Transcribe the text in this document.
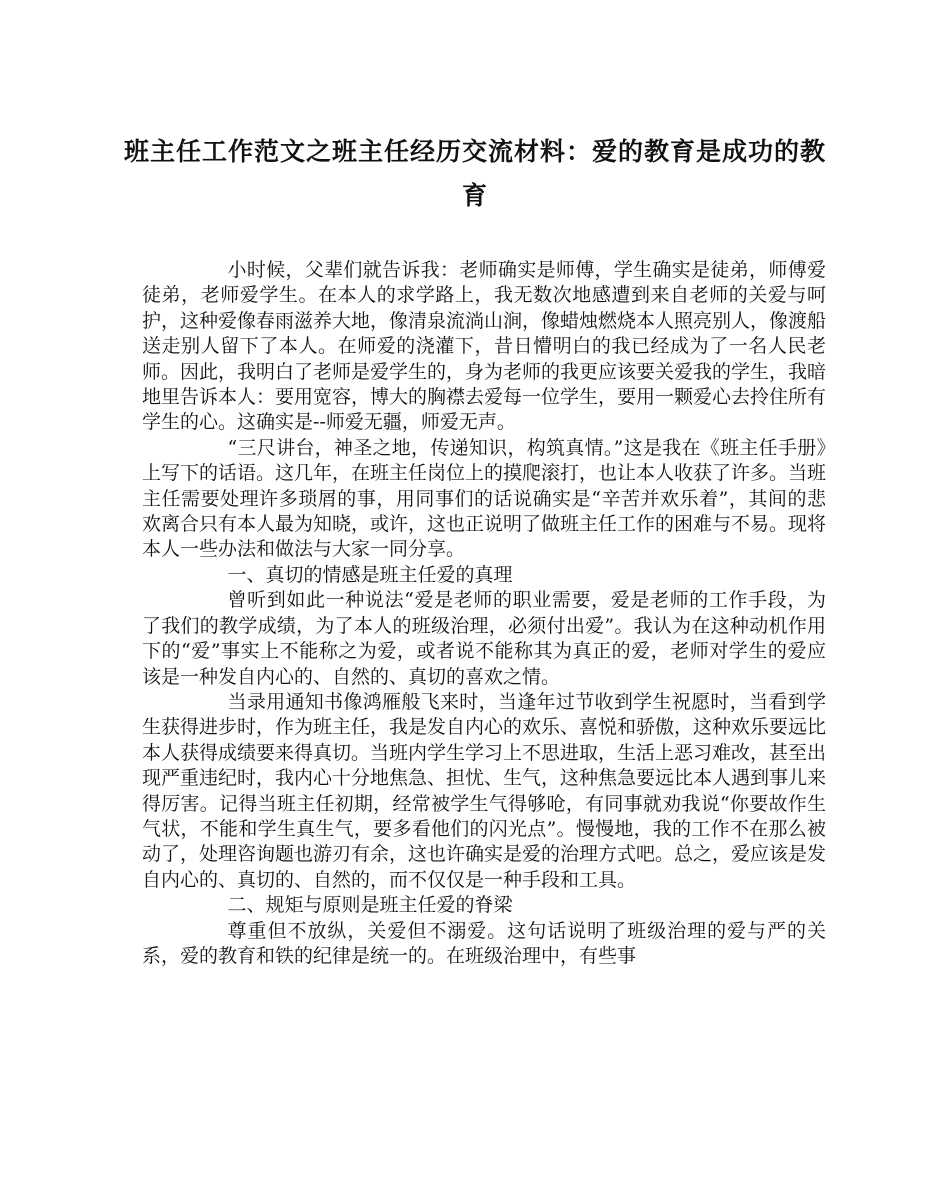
班主任工作范文之班主任经历交流材料：爱的教育是成功的教育

小时候，父辈们就告诉我：老师确实是师傅，学生确实是徒弟，师傅爱徒弟，老师爱学生。在本人的求学路上，我无数次地感遭到来自老师的关爱与呵护，这种爱像春雨滋养大地，像清泉流淌山涧，像蜡烛燃烧本人照亮别人，像渡船送走别人留下了本人。在师爱的浇灌下，昔日懵明白的我已经成为了一名人民老师。因此，我明白了老师是爱学生的，身为老师的我更应该要关爱我的学生，我暗地里告诉本人：要用宽容，博大的胸襟去爱每一位学生，要用一颗爱心去拎住所有学生的心。这确实是--师爱无疆，师爱无声。

“三尺讲台，神圣之地，传递知识，构筑真情。”这是我在《班主任手册》上写下的话语。这几年，在班主任岗位上的摸爬滚打，也让本人收获了许多。当班主任需要处理许多琐屑的事，用同事们的话说确实是“辛苦并欢乐着”，其间的悲欢离合只有本人最为知晓，或许，这也正说明了做班主任工作的困难与不易。现将本人一些办法和做法与大家一同分享。

一、真切的情感是班主任爱的真理

曾听到如此一种说法“爱是老师的职业需要，爱是老师的工作手段，为了我们的教学成绩，为了本人的班级治理，必须付出爱”。我认为在这种动机作用下的“爱”事实上不能称之为爱，或者说不能称其为真正的爱，老师对学生的爱应该是一种发自内心的、自然的、真切的喜欢之情。

当录用通知书像鸿雁般飞来时，当逢年过节收到学生祝愿时，当看到学生获得进步时，作为班主任，我是发自内心的欢乐、喜悦和骄傲，这种欢乐要远比本人获得成绩要来得真切。当班内学生学习上不思进取，生活上恶习难改，甚至出现严重违纪时，我内心十分地焦急、担忧、生气，这种焦急要远比本人遇到事儿来得厉害。记得当班主任初期，经常被学生气得够呛，有同事就劝我说“你要故作生气状，不能和学生真生气，要多看他们的闪光点”。慢慢地，我的工作不在那么被动了，处理咨询题也游刃有余，这也许确实是爱的治理方式吧。总之，爱应该是发自内心的、真切的、自然的，而不仅仅是一种手段和工具。

二、规矩与原则是班主任爱的脊梁

尊重但不放纵，关爱但不溺爱。这句话说明了班级治理的爱与严的关系，爱的教育和铁的纪律是统一的。在班级治理中，有些事
